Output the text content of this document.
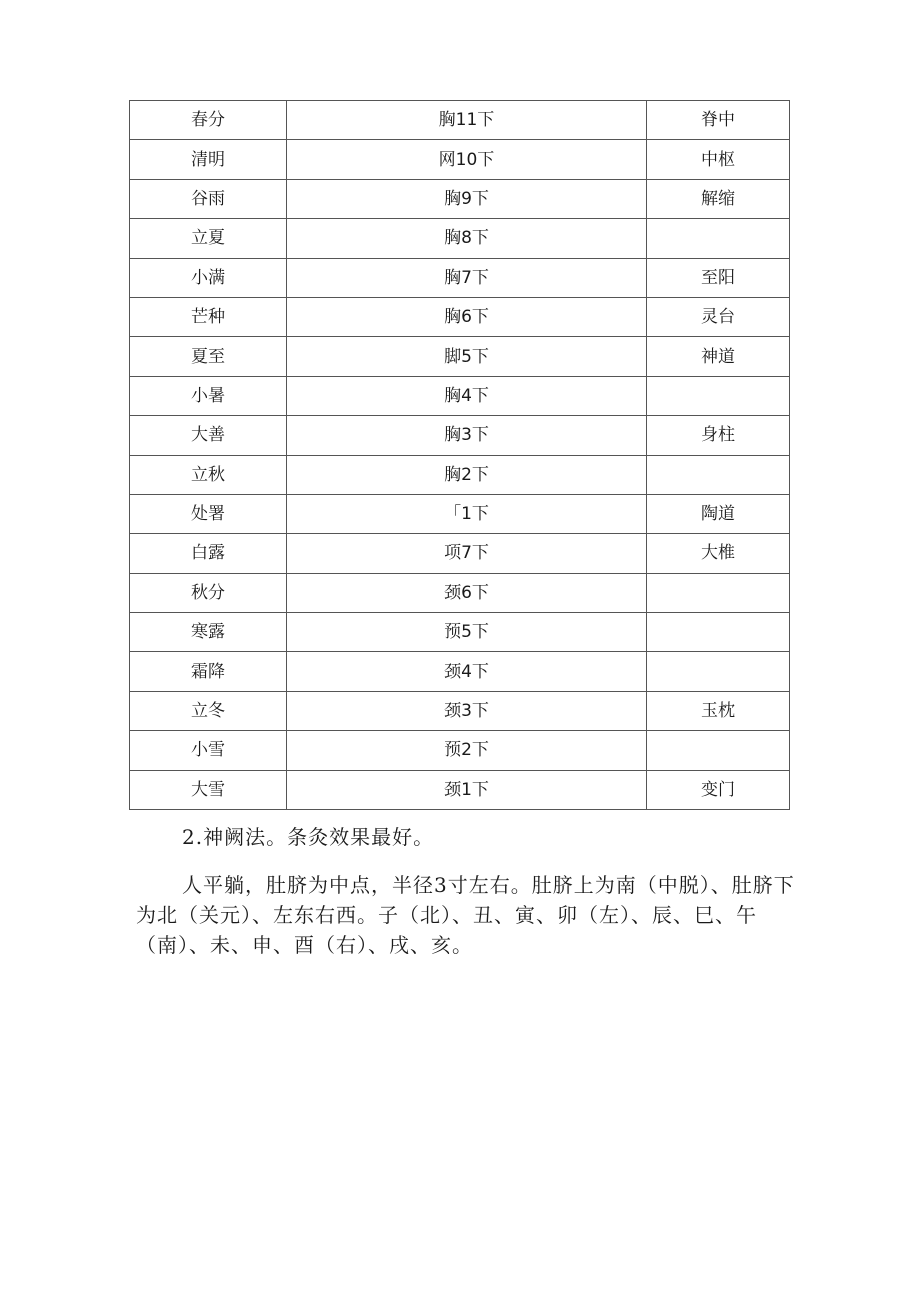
春分	胸11下	脊中
清明	网10下	中枢
谷雨	胸9下	解缩
立夏	胸8下	
小满	胸7下	至阳
芒种	胸6下	灵台
夏至	脚5下	神道
小暑	胸4下	
大善	胸3下	身柱
立秋	胸2下	
处署	「1下	陶道
白露	项7下	大椎
秋分	颈6下	
寒露	预5下	
霜降	颈4下	
立冬	颈3下	玉枕
小雪	预2下	
大雪	颈1下	变门

2.神阙法。条灸效果最好。

人平躺，肚脐为中点，半径3寸左右。肚脐上为南（中脱）、肚脐下为北（关元）、左东右西。子（北）、丑、寅、卯（左）、辰、巳、午（南）、未、申、酉（右）、戌、亥。
